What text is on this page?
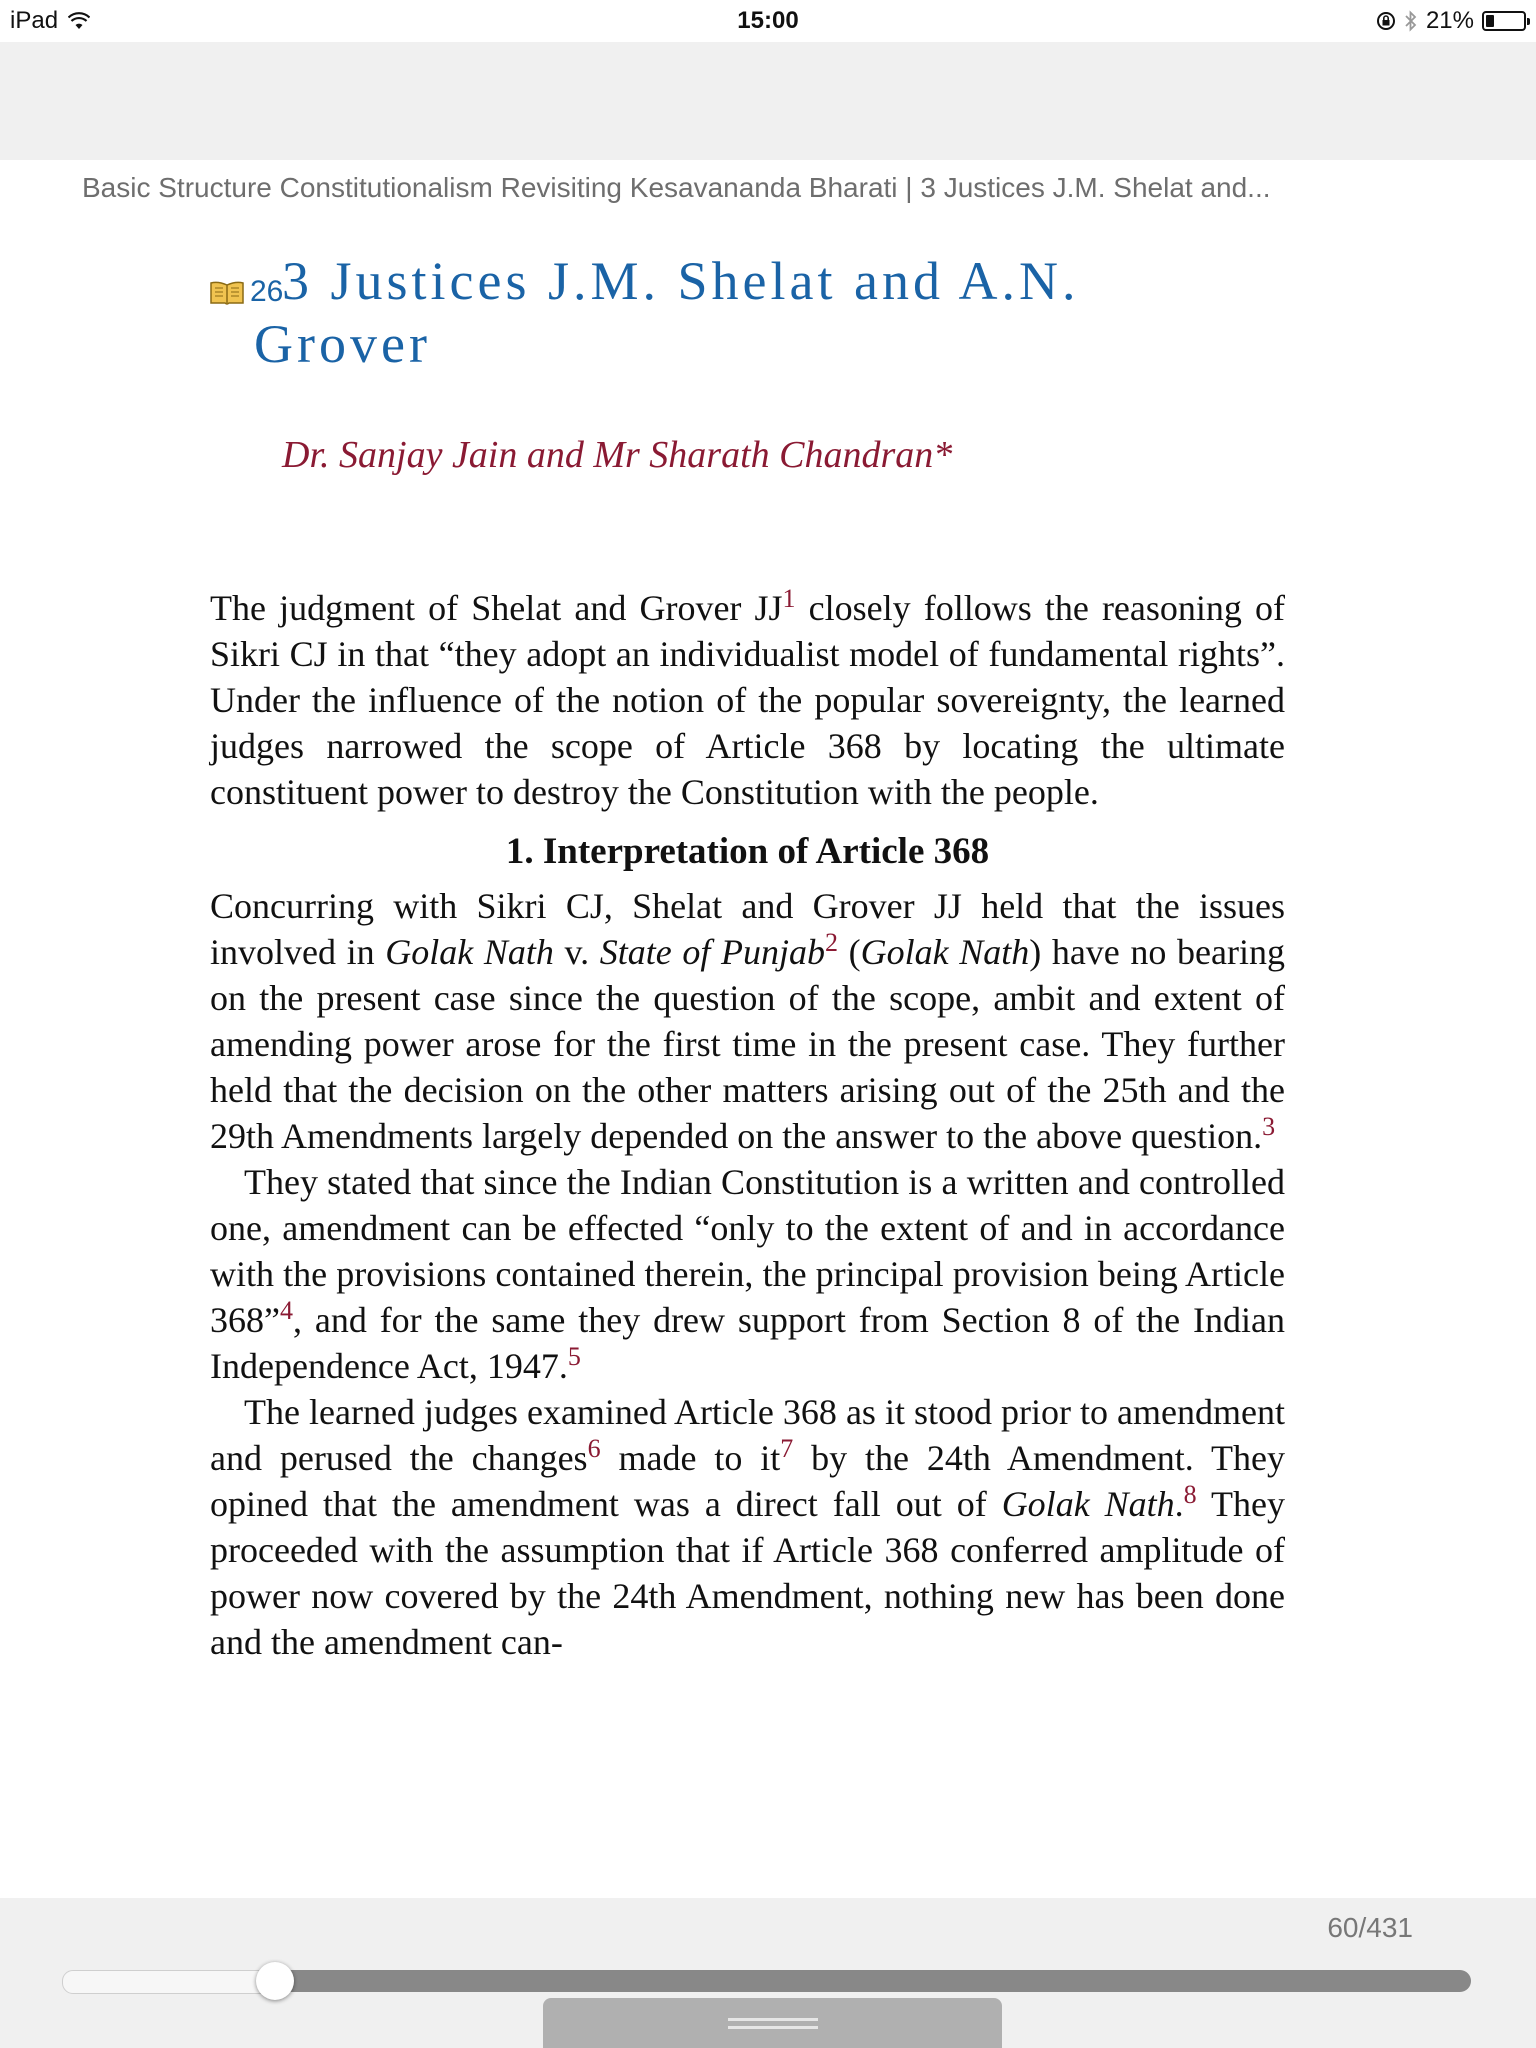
iPad	15:00	21%
Basic Structure Constitutionalism Revisiting Kesavananda Bharati | 3 Justices J.M. Shelat and...
26
3 Justices J.M. Shelat and A.N.
Grover

Dr. Sanjay Jain and Mr Sharath Chandran*

The judgment of Shelat and Grover JJ$^1$ closely follows the reasoning of Sikri CJ in that “they adopt an individualist model of fundamental rights”. Under the influence of the notion of the popular sovereignty, the learned judges narrowed the scope of Article 368 by locating the ultimate constituent power to destroy the Constitution with the people.

1. Interpretation of Article 368

Concurring with Sikri CJ, Shelat and Grover JJ held that the issues involved in Golak Nath v. State of Punjab$^2$ (Golak Nath) have no bearing on the present case since the question of the scope, ambit and extent of amending power arose for the first time in the present case. They further held that the decision on the other matters arising out of the 25th and the 29th Amendments largely depended on the answer to the above question.$^3$

They stated that since the Indian Constitution is a written and controlled one, amendment can be effected “only to the extent of and in accordance with the provisions contained therein, the principal provision being Article 368”$^4$, and for the same they drew support from Section 8 of the Indian Independence Act, 1947.$^5$

The learned judges examined Article 368 as it stood prior to amendment and perused the changes$^6$ made to it$^7$ by the 24th Amendment. They opined that the amendment was a direct fall out of Golak Nath.$^8$ They proceeded with the assumption that if Article 368 conferred amplitude of power now covered by the 24th Amendment, nothing new has been done and the amendment can-

60/431
